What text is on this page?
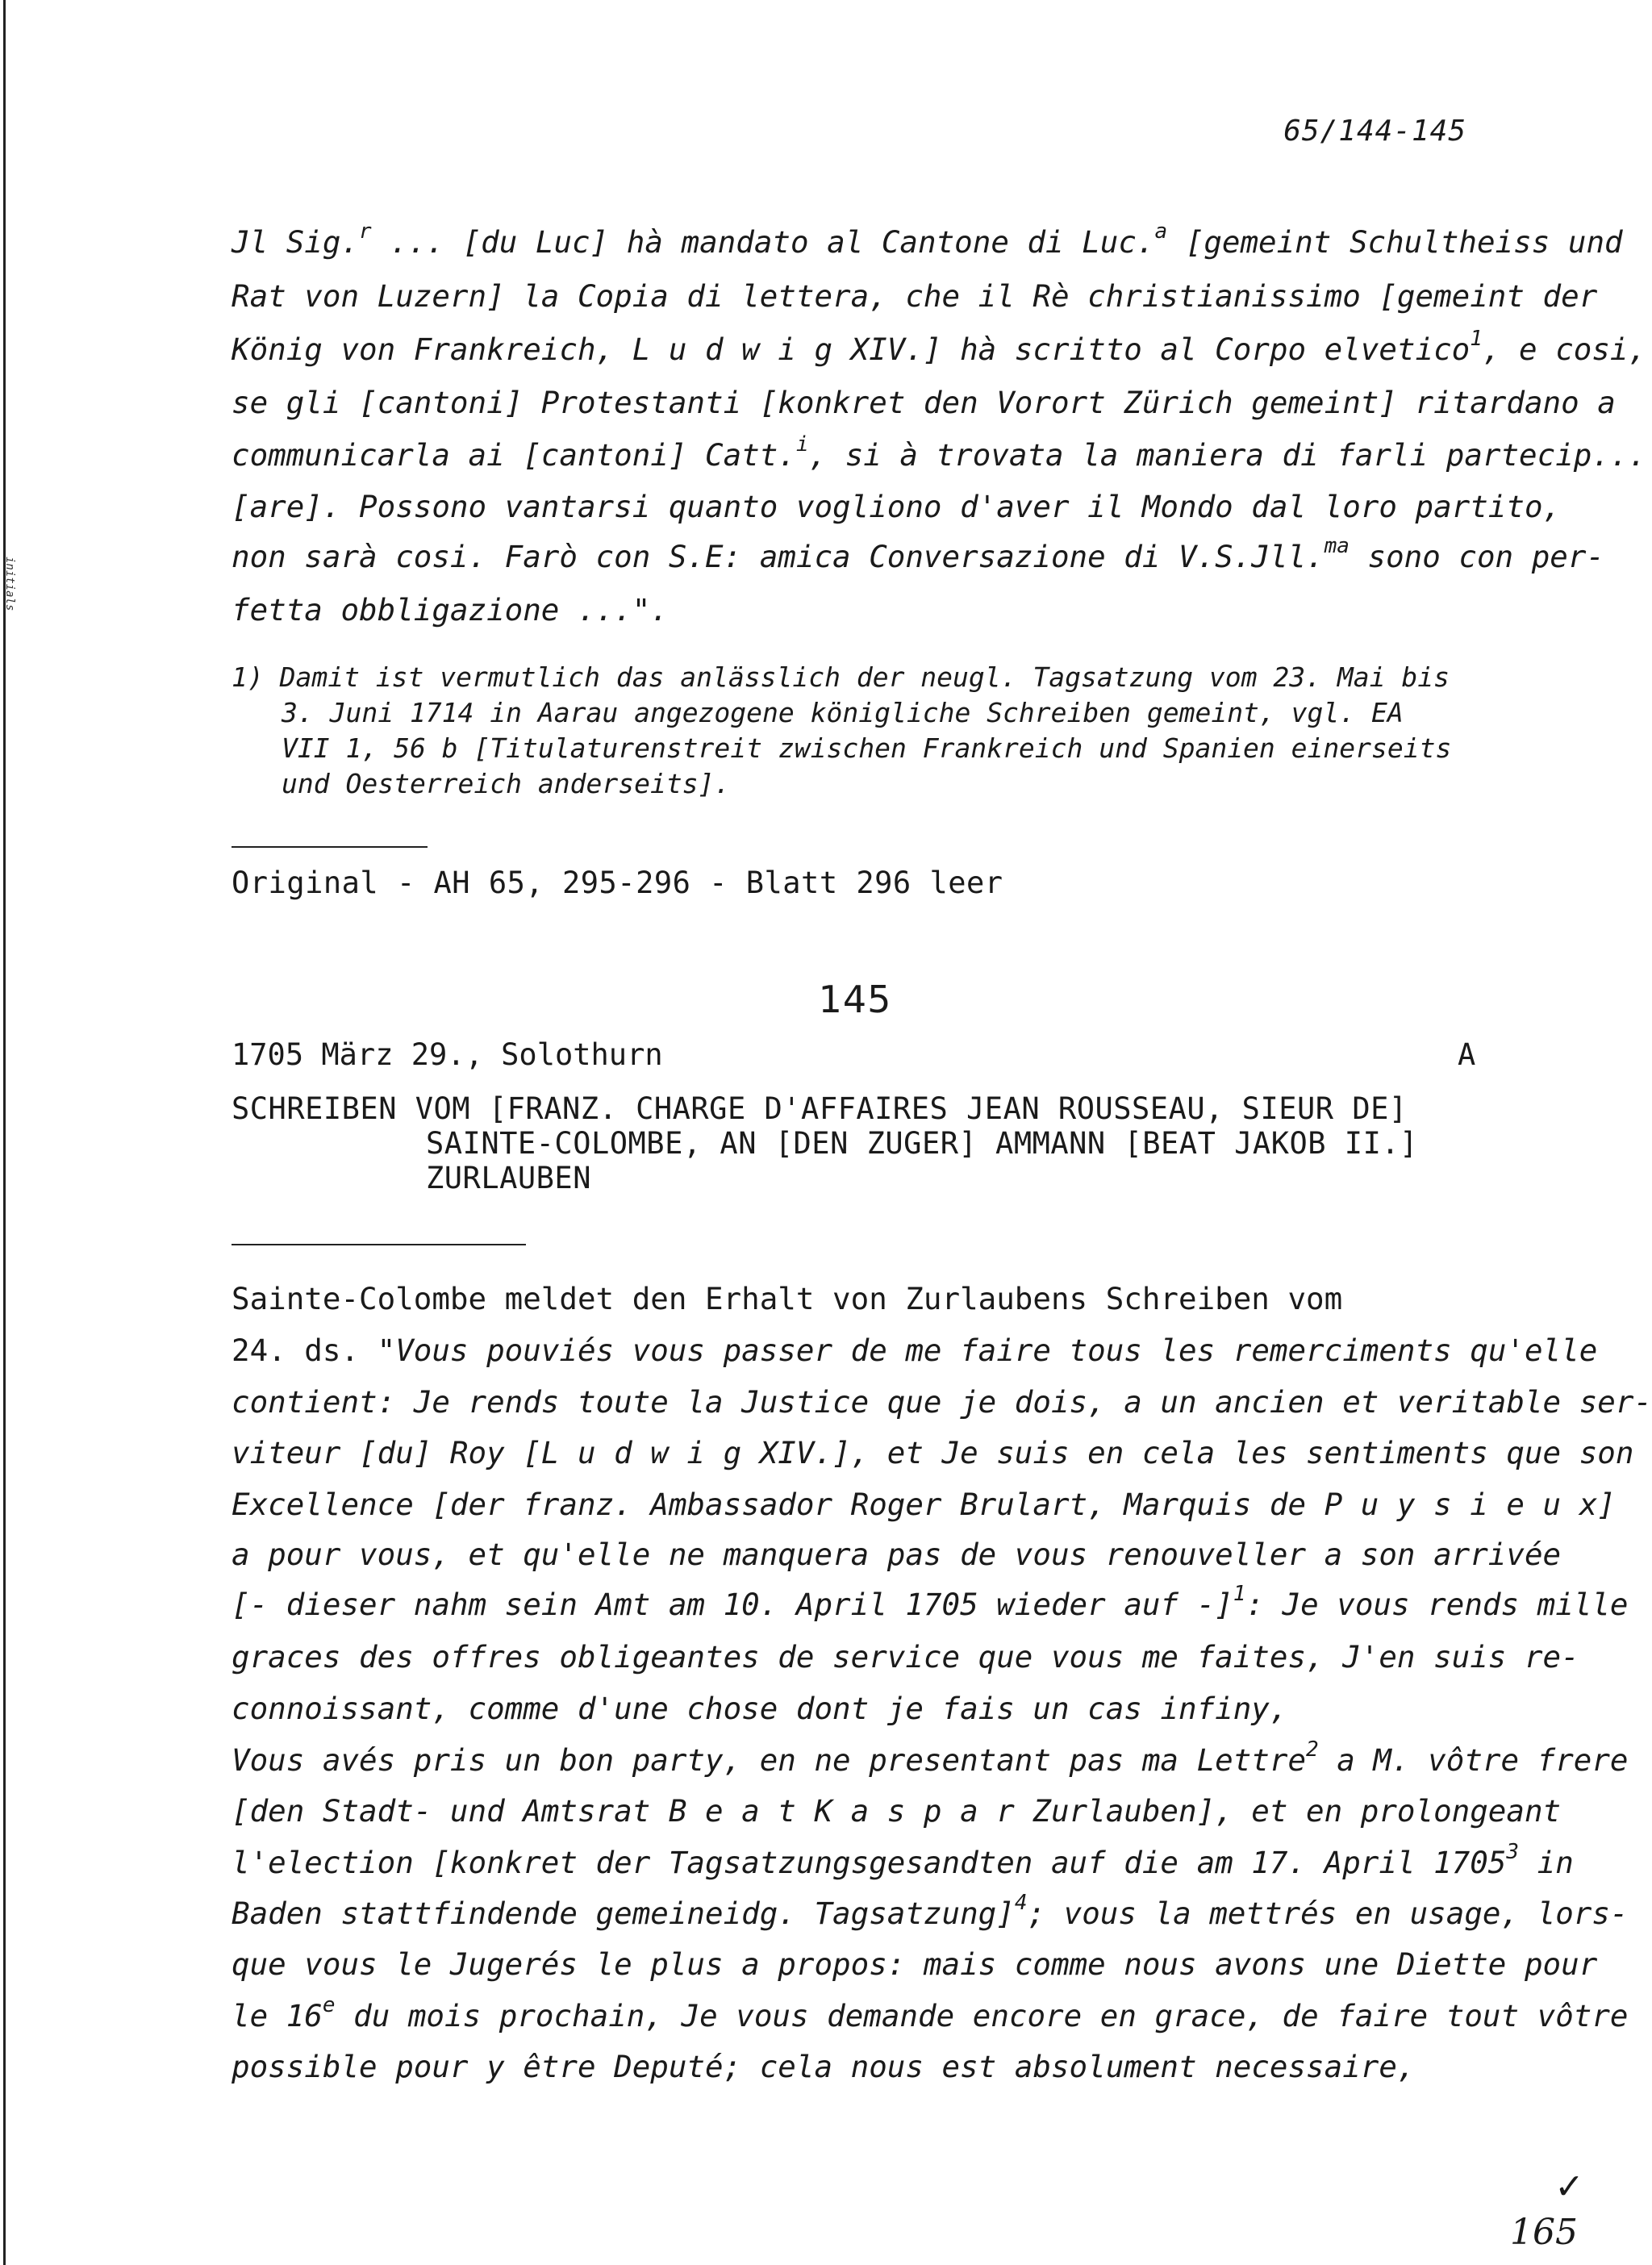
initials
65/144-145
Jl Sig.$^r$ ... [du Luc] hà mandato al Cantone di Luc.$^a$ [gemeint Schultheiss und
Rat von Luzern] la Copia di lettera, che il Rè christianissimo [gemeint der
König von Frankreich, L u d w i g XIV.] hà scritto al Corpo elvetico$^1$, e cosi,
se gli [cantoni] Protestanti [konkret den Vorort Zürich gemeint] ritardano a
communicarla ai [cantoni] Catt.$^i$, si à trovata la maniera di farli partecip...
[are]. Possono vantarsi quanto vogliono d'aver il Mondo dal loro partito,
non sarà cosi. Farò con S.E: amica Conversazione di V.S.Jll.$^{ma}$ sono con per-
fetta obbligazione ...".
1) Damit ist vermutlich das anlässlich der neugl. Tagsatzung vom 23. Mai bis
3. Juni 1714 in Aarau angezogene königliche Schreiben gemeint, vgl. EA
VII 1, 56 b [Titulaturenstreit zwischen Frankreich und Spanien einerseits
und Oesterreich anderseits].
Original - AH 65, 295-296 - Blatt 296 leer
145
1705 März 29., Solothurn	A
SCHREIBEN VOM [FRANZ. CHARGE D'AFFAIRES JEAN ROUSSEAU, SIEUR DE]
SAINTE-COLOMBE, AN [DEN ZUGER] AMMANN [BEAT JAKOB II.]
ZURLAUBEN
Sainte-Colombe meldet den Erhalt von Zurlaubens Schreiben vom
24. ds. "Vous pouviés vous passer de me faire tous les remerciments qu'elle
contient: Je rends toute la Justice que je dois, a un ancien et veritable ser-
viteur [du] Roy [L u d w i g XIV.], et Je suis en cela les sentiments que son
Excellence [der franz. Ambassador Roger Brulart, Marquis de P u y s i e u x]
a pour vous, et qu'elle ne manquera pas de vous renouveller a son arrivée
[- dieser nahm sein Amt am 10. April 1705 wieder auf -]$^1$: Je vous rends mille
graces des offres obligeantes de service que vous me faites, J'en suis re-
connoissant, comme d'une chose dont je fais un cas infiny,
Vous avés pris un bon party, en ne presentant pas ma Lettre$^2$ a M. vôtre frere
[den Stadt- und Amtsrat B e a t K a s p a r Zurlauben], et en prolongeant
l'election [konkret der Tagsatzungsgesandten auf die am 17. April 1705$^3$ in
Baden stattfindende gemeineidg. Tagsatzung]$^4$; vous la mettrés en usage, lors-
que vous le Jugerés le plus a propos: mais comme nous avons une Diette pour
le 16e du mois prochain, Je vous demande encore en grace, de faire tout vôtre
possible pour y être Deputé; cela nous est absolument necessaire,
✓
165
